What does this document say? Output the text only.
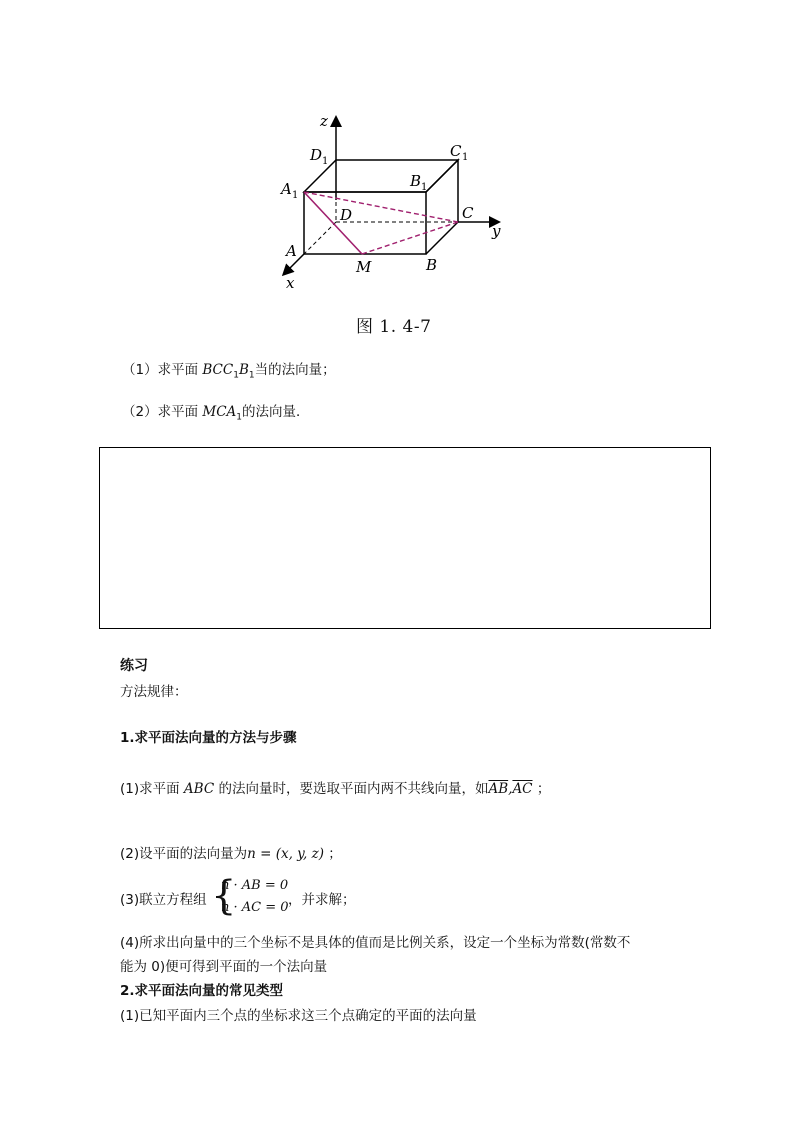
z
y
x
D 1
C 1
A 1
B 1
D	C
A
M	B
图 1. 4-7
（1）求平面 $BCC_1B_1$当的法向量；
（2）求平面 $MCA_1$的法向量．
练习
方法规律：
1.求平面法向量的方法与步骤
(1)求平面 ABC 的法向量时，要选取平面内两不共线向量，如$\overline{AB},\overline{AC}$ ；
(2)设平面的法向量为n = (x, y, z) ；
(3)联立方程组 {
n · AB = 0
n · AC = 0 ，并求解；
(4)所求出向量中的三个坐标不是具体的值而是比例关系，设定一个坐标为常数(常数不
能为 0)便可得到平面的一个法向量
2.求平面法向量的常见类型
(1)已知平面内三个点的坐标求这三个点确定的平面的法向量
